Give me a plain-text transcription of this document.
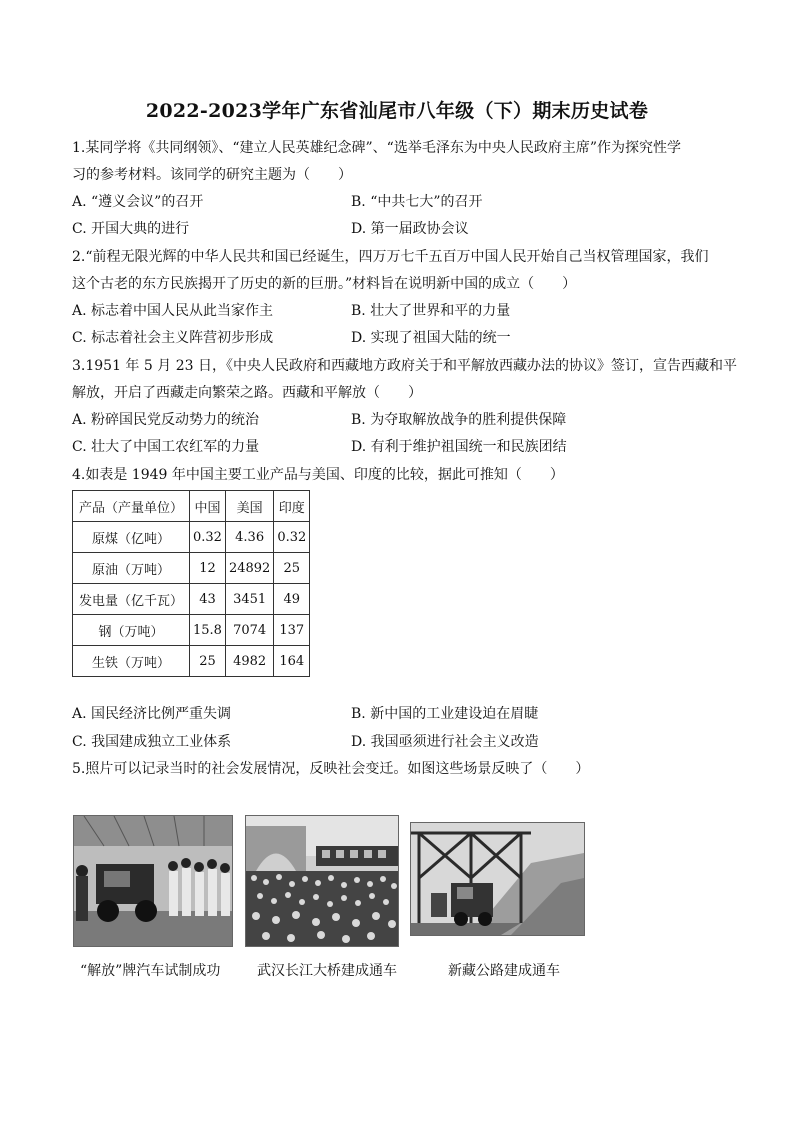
2022-2023学年广东省汕尾市八年级（下）期末历史试卷
1.某同学将《共同纲领》、“建立人民英雄纪念碑”、“选举毛泽东为中央人民政府主席”作为探究性学
习的参考材料。该同学的研究主题为（　　）
A. “遵义会议”的召开	B. “中共七大”的召开
C. 开国大典的进行	D. 第一届政协会议
2.“前程无限光辉的中华人民共和国已经诞生，四万万七千五百万中国人民开始自己当权管理国家，我们
这个古老的东方民族揭开了历史的新的巨册。”材料旨在说明新中国的成立（　　）
A. 标志着中国人民从此当家作主	B. 壮大了世界和平的力量
C. 标志着社会主义阵营初步形成	D. 实现了祖国大陆的统一
3.1951 年 5 月 23 日，《中央人民政府和西藏地方政府关于和平解放西藏办法的协议》签订，宣告西藏和平
解放，开启了西藏走向繁荣之路。西藏和平解放（　　）
A. 粉碎国民党反动势力的统治	B. 为夺取解放战争的胜利提供保障
C. 壮大了中国工农红军的力量	D. 有利于维护祖国统一和民族团结
4.如表是 1949 年中国主要工业产品与美国、印度的比较，据此可推知（　　）
产品（产量单位）	中国	美国	印度
原煤（亿吨）	0.32	4.36	0.32
原油（万吨）	12	24892	25
发电量（亿千瓦）	43	3451	49
钢（万吨）	15.8	7074	137
生铁（万吨）	25	4982	164
A. 国民经济比例严重失调	B. 新中国的工业建设迫在眉睫
C. 我国建成独立工业体系	D. 我国亟须进行社会主义改造
5.照片可以记录当时的社会发展情况，反映社会变迁。如图这些场景反映了（　　）
“解放”牌汽车试制成功	武汉长江大桥建成通车	新藏公路建成通车
